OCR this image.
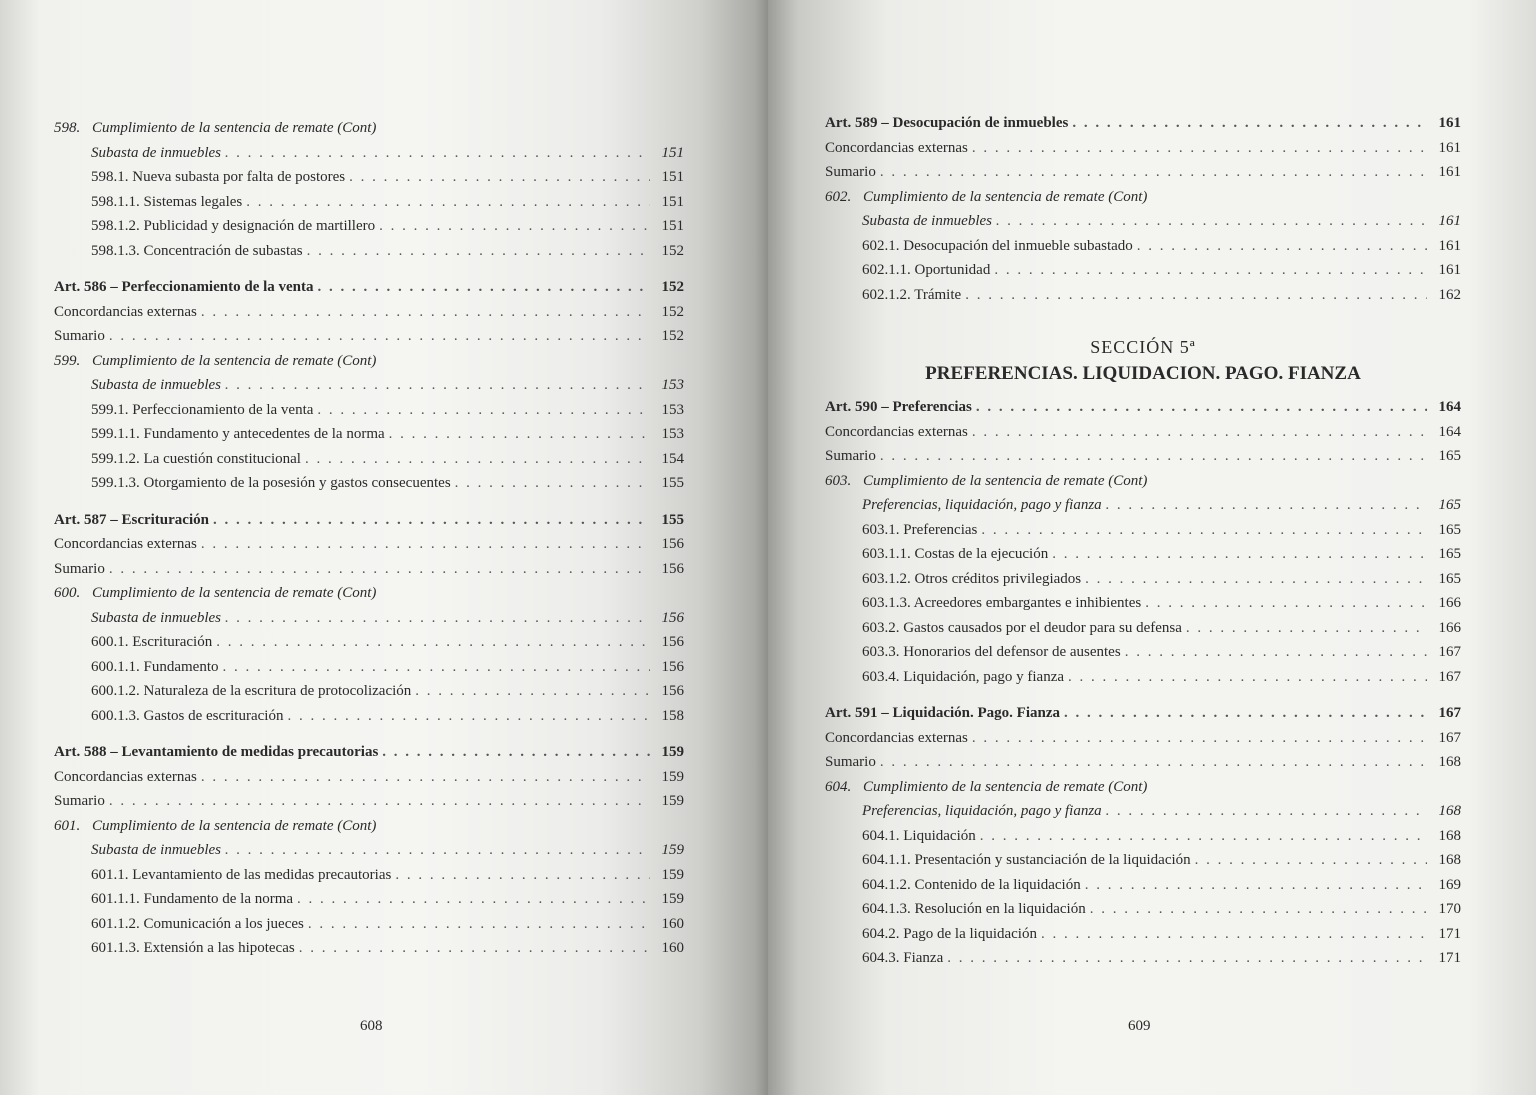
598. Cumplimiento de la sentencia de remate (Cont)
Subasta de inmuebles . . .	151
598.1. Nueva subasta por falta de postores . . .	151
598.1.1. Sistemas legales . . .	151
598.1.2. Publicidad y designación de martillero . . .	151
598.1.3. Concentración de subastas . . .	152
Art. 586 – Perfeccionamiento de la venta . . .	152
Concordancias externas . . .	152
Sumario . . .	152
599. Cumplimiento de la sentencia de remate (Cont)
Subasta de inmuebles . . .	153
599.1. Perfeccionamiento de la venta . . .	153
599.1.1. Fundamento y antecedentes de la norma . . .	153
599.1.2. La cuestión constitucional . . .	154
599.1.3. Otorgamiento de la posesión y gastos consecuentes . . .	155
Art. 587 – Escrituración . . .	155
Concordancias externas . . .	156
Sumario . . .	156
600. Cumplimiento de la sentencia de remate (Cont)
Subasta de inmuebles . . .	156
600.1. Escrituración . . .	156
600.1.1. Fundamento . . .	156
600.1.2. Naturaleza de la escritura de protocolización . . .	156
600.1.3. Gastos de escrituración . . .	158
Art. 588 – Levantamiento de medidas precautorias . . .	159
Concordancias externas . . .	159
Sumario . . .	159
601. Cumplimiento de la sentencia de remate (Cont)
Subasta de inmuebles . . .	159
601.1. Levantamiento de las medidas precautorias . . .	159
601.1.1. Fundamento de la norma . . .	159
601.1.2. Comunicación a los jueces . . .	160
601.1.3. Extensión a las hipotecas . . .	160
608
Art. 589 – Desocupación de inmuebles . . .	161
Concordancias externas . . .	161
Sumario . . .	161
602. Cumplimiento de la sentencia de remate (Cont)
Subasta de inmuebles . . .	161
602.1. Desocupación del inmueble subastado . . .	161
602.1.1. Oportunidad . . .	161
602.1.2. Trámite . . .	162
SECCIÓN 5ª
PREFERENCIAS. LIQUIDACION. PAGO. FIANZA
Art. 590 – Preferencias . . .	164
Concordancias externas . . .	164
Sumario . . .	165
603. Cumplimiento de la sentencia de remate (Cont)
Preferencias, liquidación, pago y fianza . . .	165
603.1. Preferencias . . .	165
603.1.1. Costas de la ejecución . . .	165
603.1.2. Otros créditos privilegiados . . .	165
603.1.3. Acreedores embargantes e inhibientes . . .	166
603.2. Gastos causados por el deudor para su defensa . . .	166
603.3. Honorarios del defensor de ausentes . . .	167
603.4. Liquidación, pago y fianza . . .	167
Art. 591 – Liquidación. Pago. Fianza . . .	167
Concordancias externas . . .	167
Sumario . . .	168
604. Cumplimiento de la sentencia de remate (Cont)
Preferencias, liquidación, pago y fianza . . .	168
604.1. Liquidación . . .	168
604.1.1. Presentación y sustanciación de la liquidación . . .	168
604.1.2. Contenido de la liquidación . . .	169
604.1.3. Resolución en la liquidación . . .	170
604.2. Pago de la liquidación . . .	171
604.3. Fianza . . .	171
609
